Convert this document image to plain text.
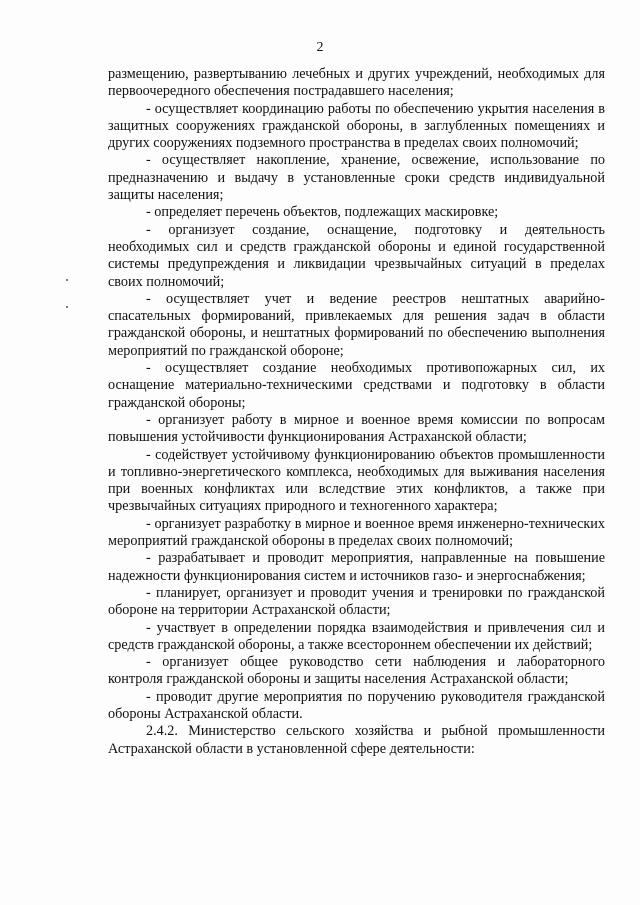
2

размещению, развертыванию лечебных и других учреждений, необходимых для первоочередного обеспечения пострадавшего населения;

- осуществляет координацию работы по обеспечению укрытия населения в защитных сооружениях гражданской обороны, в заглубленных помещениях и других сооружениях подземного пространства в пределах своих полномочий;

- осуществляет накопление, хранение, освежение, использование по предназначению и выдачу в установленные сроки средств индивидуальной защиты населения;

- определяет перечень объектов, подлежащих маскировке;

- организует создание, оснащение, подготовку и деятельность необходимых сил и средств гражданской обороны и единой государственной системы предупреждения и ликвидации чрезвычайных ситуаций в пределах своих полномочий;

- осуществляет учет и ведение реестров нештатных аварийно-спасательных формирований, привлекаемых для решения задач в области гражданской обороны, и нештатных формирований по обеспечению выполнения мероприятий по гражданской обороне;

- осуществляет создание необходимых противопожарных сил, их оснащение материально-техническими средствами и подготовку в области гражданской обороны;

- организует работу в мирное и военное время комиссии по вопросам повышения устойчивости функционирования Астраханской области;

- содействует устойчивому функционированию объектов промышленности и топливно-энергетического комплекса, необходимых для выживания населения при военных конфликтах или вследствие этих конфликтов, а также при чрезвычайных ситуациях природного и техногенного характера;

- организует разработку в мирное и военное время инженерно-технических мероприятий гражданской обороны в пределах своих полномочий;

- разрабатывает и проводит мероприятия, направленные на повышение надежности функционирования систем и источников газо- и энергоснабжения;

- планирует, организует и проводит учения и тренировки по гражданской обороне на территории Астраханской области;

- участвует в определении порядка взаимодействия и привлечения сил и средств гражданской обороны, а также всестороннем обеспечении их действий;

- организует общее руководство сети наблюдения и лабораторного контроля гражданской обороны и защиты населения Астраханской области;

- проводит другие мероприятия по поручению руководителя гражданской обороны Астраханской области.

2.4.2. Министерство сельского хозяйства и рыбной промышленности Астраханской области в установленной сфере деятельности:
